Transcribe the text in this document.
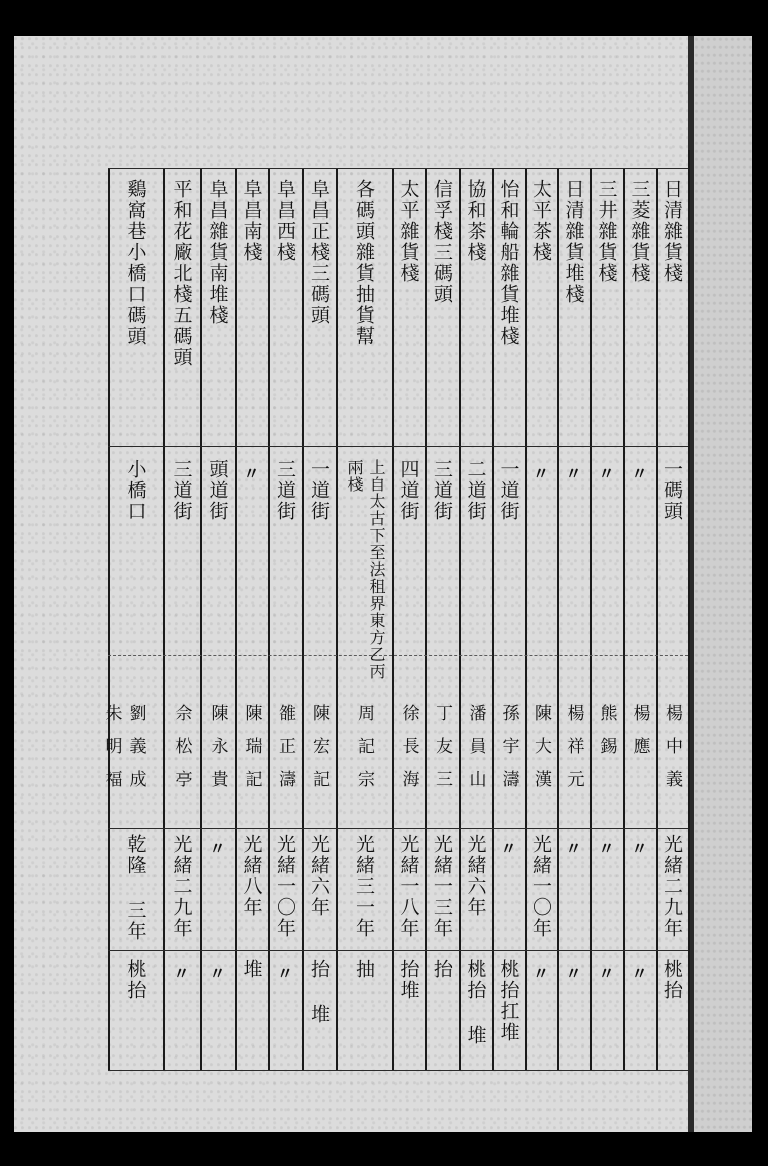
日清雜貨棧
一碼頭
楊中義
光緒二九年
桃抬
三菱雜貨棧
〃
楊應
〃
〃
三井雜貨棧
〃
熊錫
〃
〃
日清雜貨堆棧
〃
楊祥元
〃
〃
太平茶棧
〃
陳大漢
光緒一〇年
〃
怡和輪船雜貨堆棧
一道街
孫宇濤
〃
桃抬扛堆
協和茶棧
二道街
潘員山
光緒六年
桃抬 堆
信孚棧三碼頭
三道街
丁友三
光緒一三年
抬
太平雜貨棧
四道街
徐長海
光緒一八年
抬堆
各碼頭雜貨抽貨幫
上自太古下至法租界東方乙丙兩棧
周記宗
光緒三一年
抽
阜昌正棧三碼頭
一道街
陳宏記
光緒六年
抬 堆
阜昌西棧
三道街
雒正濤
光緒一〇年
〃
阜昌南棧
〃
陳瑞記
光緒八年
堆
阜昌雜貨南堆棧
頭道街
陳永貴
〃
〃
平和花廠北棧五碼頭
三道街
佘松亭
光緒二九年
〃
鷄窩巷小橋口碼頭
小橋口
劉義成 朱明福
乾隆 三年
桃抬
